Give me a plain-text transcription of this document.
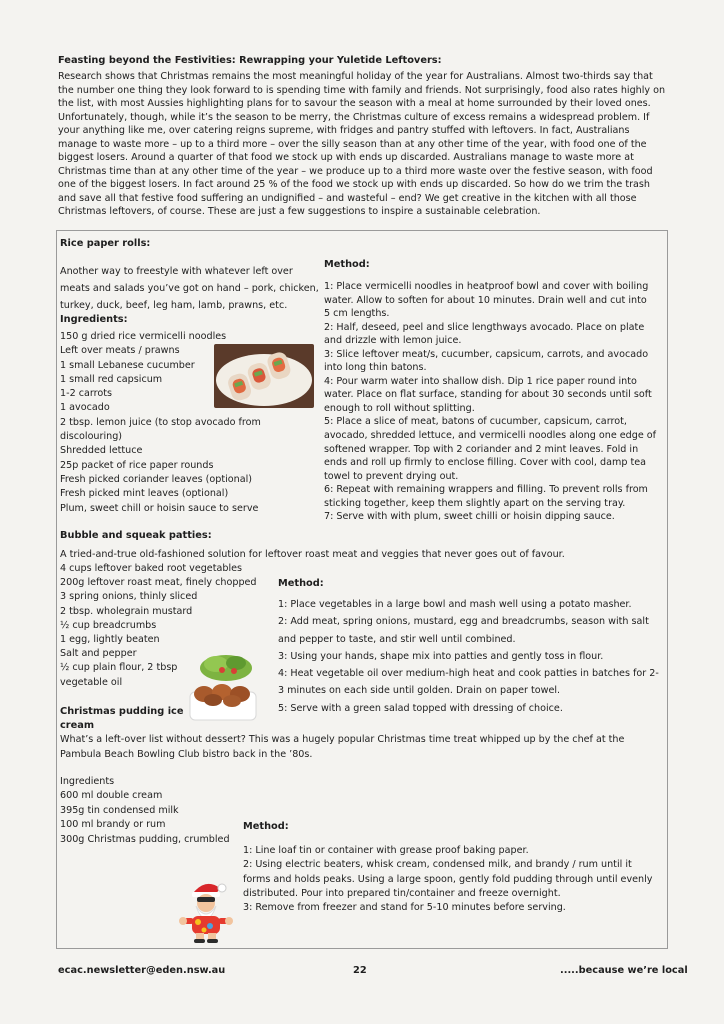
Feasting beyond the Festivities: Rewrapping your Yuletide Leftovers:
Research shows that Christmas remains the most meaningful holiday of the year for Australians. Almost two-thirds say that the number one thing they look forward to is spending time with family and friends. Not surprisingly, food also rates highly on the list, with most Aussies highlighting plans for to savour the season with a meal at home surrounded by their loved ones. Unfortunately, though, while it’s the season to be merry, the Christmas culture of excess remains a widespread problem. If your anything like me, over catering reigns supreme, with fridges and pantry stuffed with leftovers. In fact, Australians manage to waste more – up to a third more – over the silly season than at any other time of the year, with food one of the biggest losers. Around a quarter of that food we stock up with ends up discarded. Australians manage to waste more at Christmas time than at any other time of the year – we produce up to a third more waste over the festive season, with food one of the biggest losers. In fact around 25 % of the food we stock up with ends up discarded. So how do we trim the trash and save all that festive food suffering an undignified – and wasteful – end? We get creative in the kitchen with all those Christmas leftovers, of course. These are just a few suggestions to inspire a sustainable celebration.
Rice paper rolls:
Another way to freestyle with whatever left over
meats and salads you’ve got on hand – pork, chicken,
turkey, duck, beef, leg ham, lamb, prawns, etc.
Ingredients:
150 g dried rice vermicelli noodles
Left over meats / prawns
1 small Lebanese cucumber
1 small red capsicum
1-2 carrots
1 avocado
2 tbsp. lemon juice (to stop avocado from
discolouring)
Shredded lettuce
25p packet of rice paper rounds
Fresh picked coriander leaves (optional)
Fresh picked mint leaves (optional)
Plum, sweet chill or hoisin sauce to serve
Method:
1: Place vermicelli noodles in heatproof bowl and cover with boiling
water. Allow to soften for about 10 minutes. Drain well and cut into
5 cm lengths.
2: Half, deseed, peel and slice lengthways avocado. Place on plate
and drizzle with lemon juice.
3: Slice leftover meat/s, cucumber, capsicum, carrots, and avocado
into long thin batons.
4: Pour warm water into shallow dish. Dip 1 rice paper round into
water. Place on flat surface, standing for about 30 seconds until soft
enough to roll without splitting.
5: Place a slice of meat, batons of cucumber, capsicum, carrot,
avocado, shredded lettuce, and vermicelli noodles along one edge of
softened wrapper. Top with 2 coriander and 2 mint leaves. Fold in
ends and roll up firmly to enclose filling. Cover with cool, damp tea
towel to prevent drying out.
6: Repeat with remaining wrappers and filling. To prevent rolls from
sticking together, keep them slightly apart on the serving tray.
7: Serve with with plum, sweet chilli or hoisin dipping sauce.
Bubble and squeak patties:
A tried-and-true old-fashioned solution for leftover roast meat and veggies that never goes out of favour.
4 cups leftover baked root vegetables
200g leftover roast meat, finely chopped
3 spring onions, thinly sliced
2 tbsp. wholegrain mustard
½ cup breadcrumbs
1 egg, lightly beaten
Salt and pepper
½ cup plain flour, 2 tbsp
vegetable oil
Method:
1: Place vegetables in a large bowl and mash well using a potato masher.
2: Add meat, spring onions, mustard, egg and breadcrumbs, season with salt
and pepper to taste, and stir well until combined.
3: Using your hands, shape mix into patties and gently toss in flour.
4: Heat vegetable oil over medium-high heat and cook patties in batches for 2-
3 minutes on each side until golden. Drain on paper towel.
5: Serve with a green salad topped with dressing of choice.
Christmas pudding ice
cream
What’s a left-over list without dessert? This was a hugely popular Christmas time treat whipped up by the chef at the
Pambula Beach Bowling Club bistro back in the ’80s.
Ingredients
600 ml double cream
395g tin condensed milk
100 ml brandy or rum
300g Christmas pudding, crumbled
Method:
1: Line loaf tin or container with grease proof baking paper.
2: Using electric beaters, whisk cream, condensed milk, and brandy / rum until it
forms and holds peaks. Using a large spoon, gently fold pudding through until evenly
distributed. Pour into prepared tin/container and freeze overnight.
3: Remove from freezer and stand for 5-10 minutes before serving.
ecac.newsletter@eden.nsw.au	22	.....because we’re local
